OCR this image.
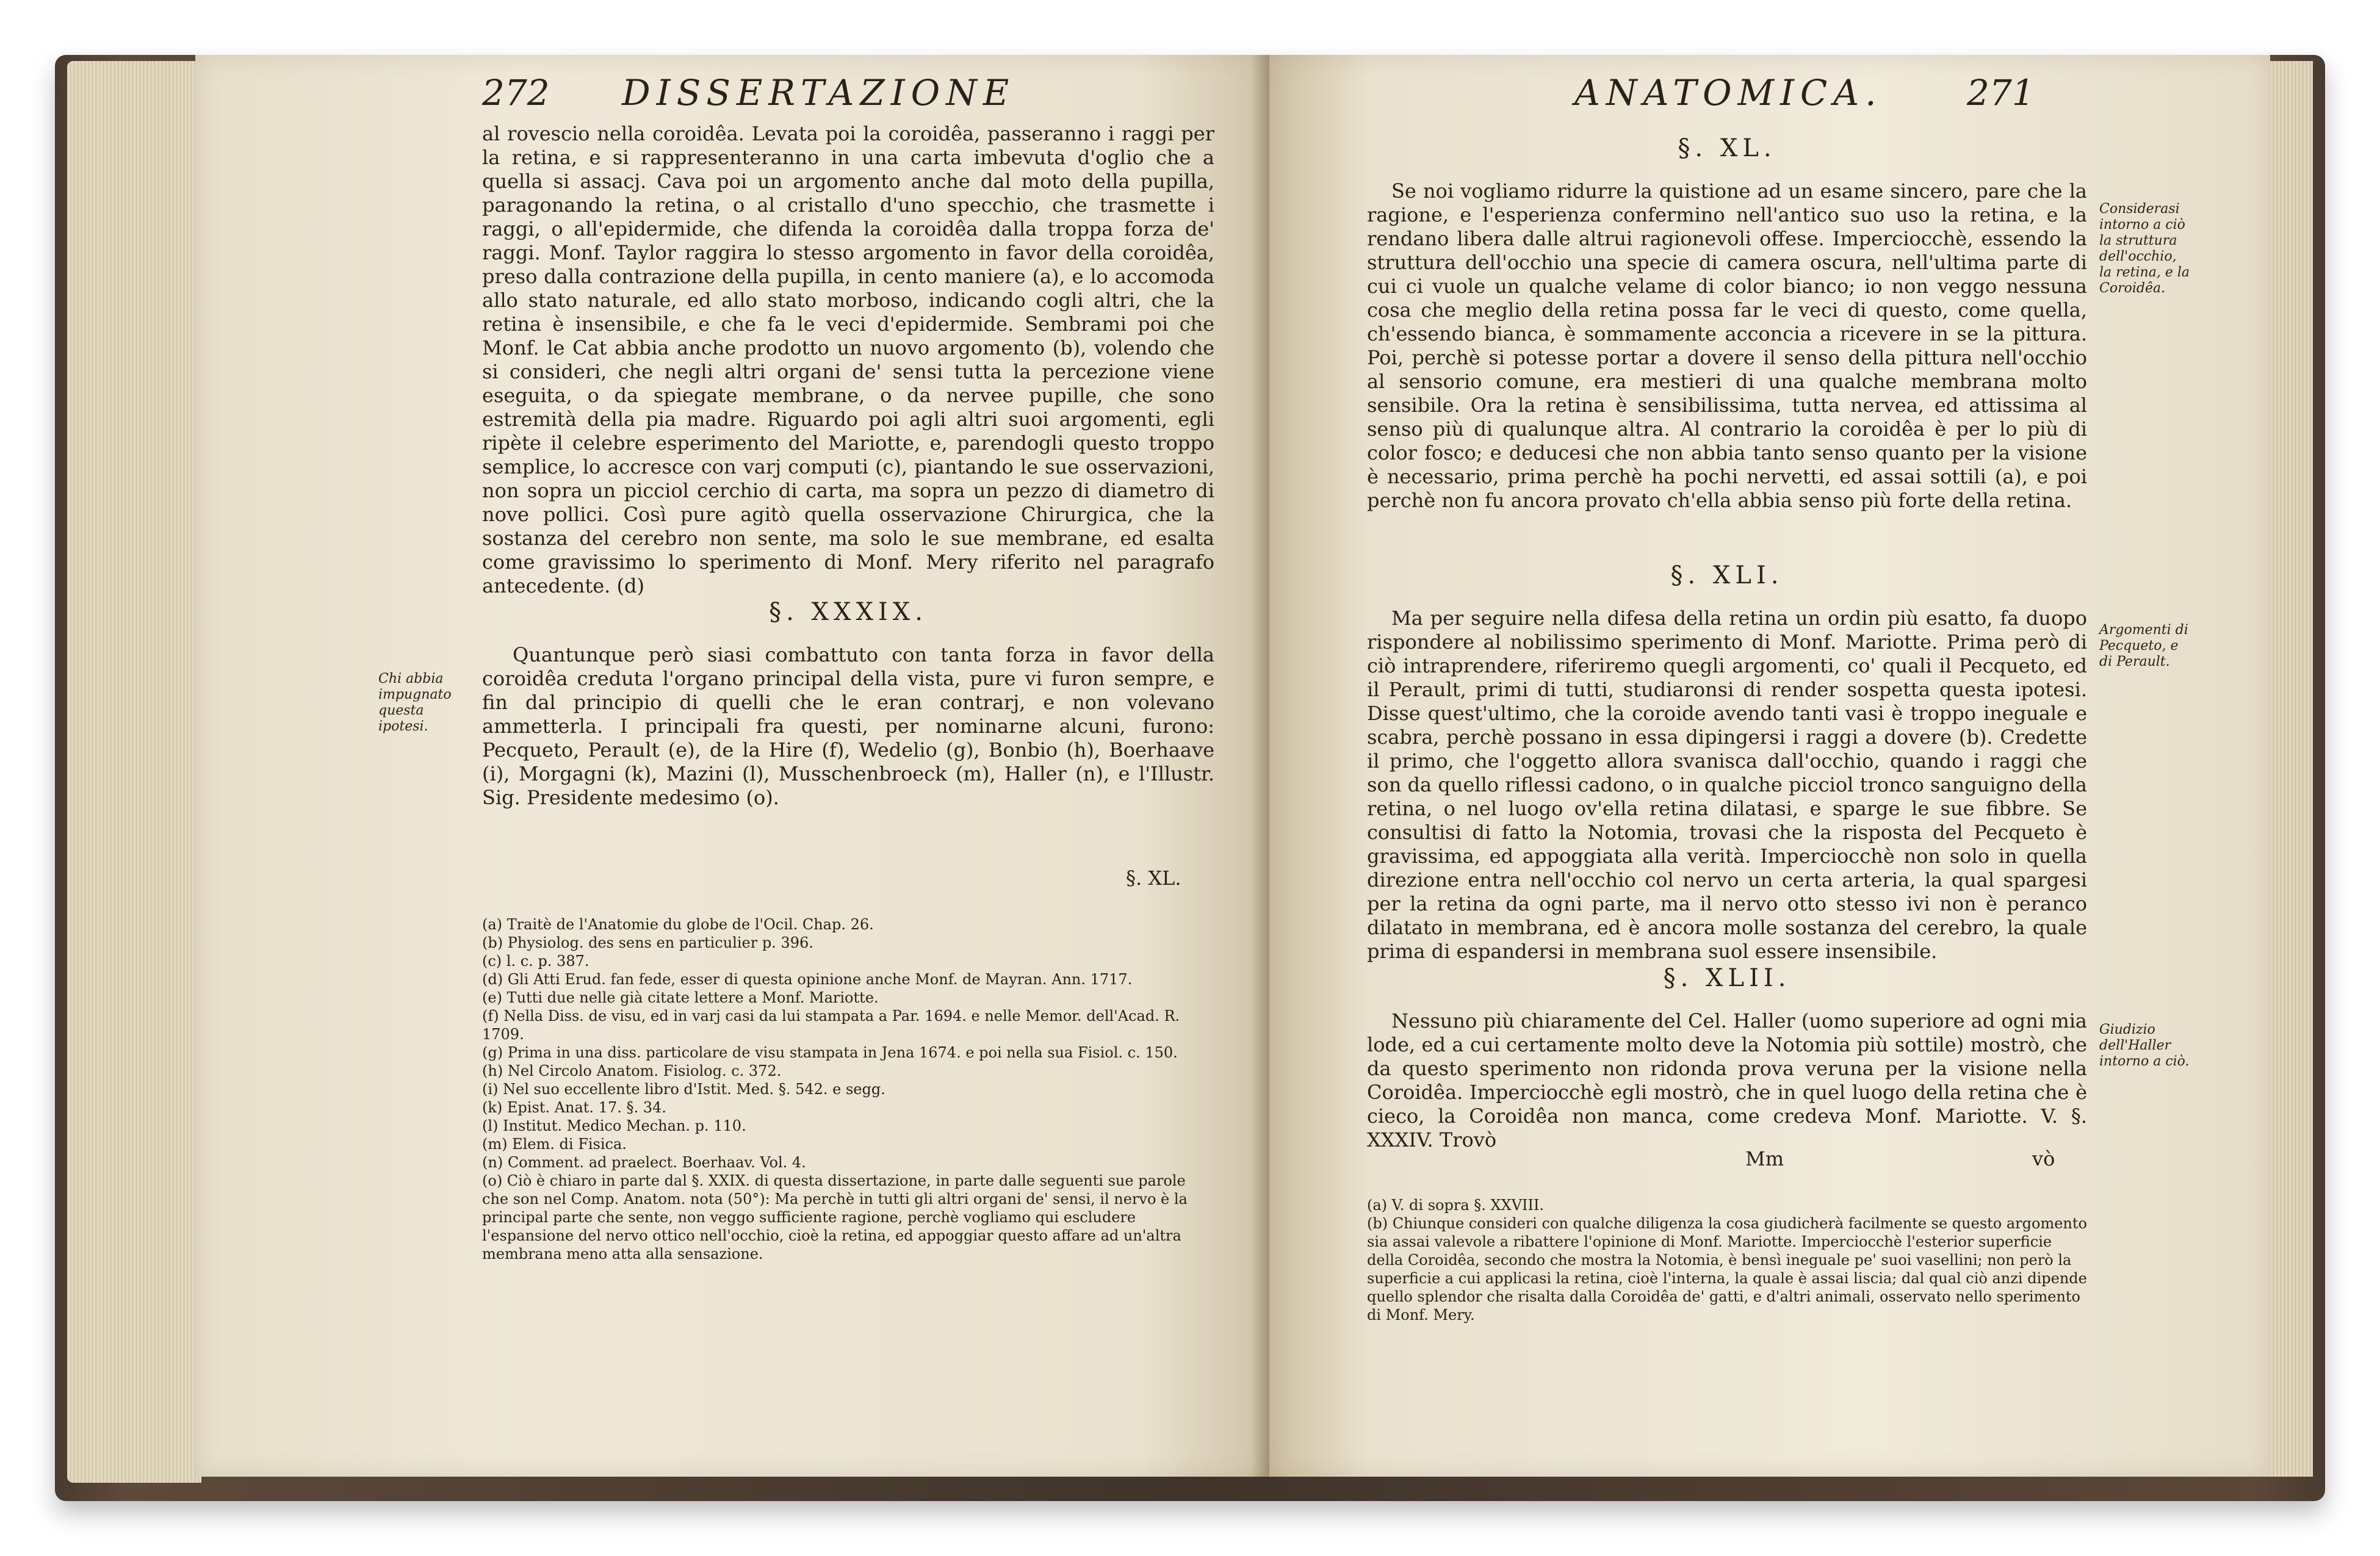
272 DISSERTAZIONE

al rovescio nella coroidêa. Levata poi la coroidêa, passeranno i raggi per la retina, e si rappresenteranno in una carta imbevuta d'oglio che a quella si assacj. Cava poi un argomento anche dal moto della pupilla, paragonando la retina, o al cristallo d'uno specchio, che trasmette i raggi, o all'epidermide, che difenda la coroidêa dalla troppa forza de' raggi. Monf. Taylor raggira lo stesso argomento in favor della coroidêa, preso dalla contrazione della pupilla, in cento maniere (a), e lo accomoda allo stato naturale, ed allo stato morboso, indicando cogli altri, che la retina è insensibile, e che fa le veci d'epidermide. Sembrami poi che Monf. le Cat abbia anche prodotto un nuovo argomento (b), volendo che si consideri, che negli altri organi de' sensi tutta la percezione viene eseguita, o da spiegate membrane, o da nervee pupille, che sono estremità della pia madre. Riguardo poi agli altri suoi argomenti, egli ripète il celebre esperimento del Mariotte, e, parendogli questo troppo semplice, lo accresce con varj computi (c), piantando le sue osservazioni, non sopra un picciol cerchio di carta, ma sopra un pezzo di diametro di nove pollici. Così pure agitò quella osservazione Chirurgica, che la sostanza del cerebro non sente, ma solo le sue membrane, ed esalta come gravissimo lo sperimento di Monf. Mery riferito nel paragrafo antecedente. (d)

§. XXXIX.
Quantunque però siasi combattuto con tanta forza in favor della coroidêa creduta l'organo principal della vista, pure vi furon sempre, e fin dal principio di quelli che le eran contrarj, e non volevano ammetterla. I principali fra questi, per nominarne alcuni, furono: Pecqueto, Perault (e), de la Hire (f), Wedelio (g), Bonbio (h), Boerhaave (i), Morgagni (k), Mazini (l), Musschenbroeck (m), Haller (n), e l'Illustr. Sig. Presidente medesimo (o).
Chi abbia impugnato questa ipotesi.
§. XL.
(a) Traitè de l'Anatomie du globe de l'Ocil. Chap. 26.
(b) Physiolog. des sens en particulier p. 396.
(c) l. c. p. 387.
(d) Gli Atti Erud. fan fede, esser di questa opinione anche Monf. de Mayran. Ann. 1717.
(e) Tutti due nelle già citate lettere a Monf. Mariotte.
(f) Nella Diss. de visu, ed in varj casi da lui stampata a Par. 1694. e nelle Memor. dell'Acad. R. 1709.
(g) Prima in una diss. particolare de visu stampata in Jena 1674. e poi nella sua Fisiol. c. 150.
(h) Nel Circolo Anatom. Fisiolog. c. 372.
(i) Nel suo eccellente libro d'Istit. Med. §. 542. e segg.
(k) Epist. Anat. 17. §. 34.
(l) Institut. Medico Mechan. p. 110.
(m) Elem. di Fisica.
(n) Comment. ad praelect. Boerhaav. Vol. 4.
(o) Ciò è chiaro in parte dal §. XXIX. di questa dissertazione, in parte dalle seguenti sue parole che son nel Comp. Anatom. nota (50°): Ma perchè in tutti gli altri organi de' sensi, il nervo è la principal parte che sente, non veggo sufficiente ragione, perchè vogliamo qui escludere l'espansione del nervo ottico nell'occhio, cioè la retina, ed appoggiar questo affare ad un'altra membrana meno atta alla sensazione.
ANATOMICA. 271
§. XL.
Se noi vogliamo ridurre la quistione ad un esame sincero, pare che la ragione, e l'esperienza confermino nell'antico suo uso la retina, e la rendano libera dalle altrui ragionevoli offese. Imperciocchè, essendo la struttura dell'occhio una specie di camera oscura, nell'ultima parte di cui ci vuole un qualche velame di color bianco; io non veggo nessuna cosa che meglio della retina possa far le veci di questo, come quella, ch'essendo bianca, è sommamente acconcia a ricevere in se la pittura. Poi, perchè si potesse portar a dovere il senso della pittura nell'occhio al sensorio comune, era mestieri di una qualche membrana molto sensibile. Ora la retina è sensibilissima, tutta nervea, ed attissima al senso più di qualunque altra. Al contrario la coroidêa è per lo più di color fosco; e deducesi che non abbia tanto senso quanto per la visione è necessario, prima perchè ha pochi nervetti, ed assai sottili (a), e poi perchè non fu ancora provato ch'ella abbia senso più forte della retina.
Considerasi intorno a ciò la struttura dell'occhio, la retina, e la Coroidêa.
§. XLI.
Ma per seguire nella difesa della retina un ordin più esatto, fa duopo rispondere al nobilissimo sperimento di Monf. Mariotte. Prima però di ciò intraprendere, riferiremo quegli argomenti, co' quali il Pecqueto, ed il Perault, primi di tutti, studiaronsi di render sospetta questa ipotesi. Disse quest'ultimo, che la coroide avendo tanti vasi è troppo ineguale e scabra, perchè possano in essa dipingersi i raggi a dovere (b). Credette il primo, che l'oggetto allora svanisca dall'occhio, quando i raggi che son da quello riflessi cadono, o in qualche picciol tronco sanguigno della retina, o nel luogo ov'ella retina dilatasi, e sparge le sue fibbre. Se consultisi di fatto la Notomia, trovasi che la risposta del Pecqueto è gravissima, ed appoggiata alla verità. Imperciocchè non solo in quella direzione entra nell'occhio col nervo un certa arteria, la qual spargesi per la retina da ogni parte, ma il nervo otto stesso ivi non è peranco dilatato in membrana, ed è ancora molle sostanza del cerebro, la quale prima di espandersi in membrana suol essere insensibile.
Argomenti di Pecqueto, e di Perault.
§. XLII.
Nessuno più chiaramente del Cel. Haller (uomo superiore ad ogni mia lode, ed a cui certamente molto deve la Notomia più sottile) mostrò, che da questo sperimento non ridonda prova veruna per la visione nella Coroidêa. Imperciocchè egli mostrò, che in quel luogo della retina che è cieco, la Coroidêa non manca, come credeva Monf. Mariotte. V. §. XXXIV. Trovò
Giudizio dell'Haller intorno a ciò.
Mm	vò
(a) V. di sopra §. XXVIII.
(b) Chiunque consideri con qualche diligenza la cosa giudicherà facilmente se questo argomento sia assai valevole a ribattere l'opinione di Monf. Mariotte. Imperciocchè l'esterior superficie della Coroidêa, secondo che mostra la Notomia, è bensì ineguale pe' suoi vasellini; non però la superficie a cui applicasi la retina, cioè l'interna, la quale è assai liscia; dal qual ciò anzi dipende quello splendor che risalta dalla Coroidêa de' gatti, e d'altri animali, osservato nello sperimento di Monf. Mery.
